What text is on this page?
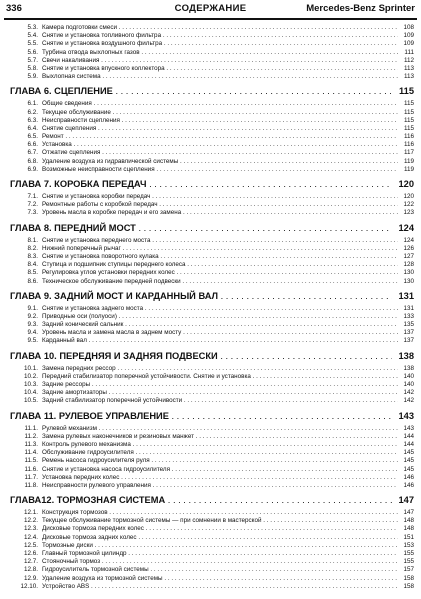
336	СОДЕРЖАНИЕ	Mercedes-Benz Sprinter
5.3. Камера подготовки смеси . . .	108
5.4. Снятие и установка топливного фильтра . . .	109
5.5. Снятие и установка воздушного фильтра . . .	109
5.6. Турбина отвода выхлопных газов . . .	111
5.7. Свечи накаливания . . .	112
5.8. Снятие и установка впускного коллектора . . .	113
5.9. Выхлопная система . . .	113
ГЛАВА 6. СЦЕПЛЕНИЕ . . .	115
6.1. Общие сведения . . .	115
6.2. Текущее обслуживание . . .	115
6.3. Неисправности сцепления . . .	115
6.4. Снятие сцепления . . .	115
6.5. Ремонт . . .	116
6.6. Установка . . .	116
6.7. Отжатие сцепления . . .	117
6.8. Удаление воздуха из гидравлической системы . . .	119
6.9. Возможные неисправности сцепления . . .	119
ГЛАВА 7. КОРОБКА ПЕРЕДАЧ . . .	120
7.1. Снятие и установка коробки передач . . .	120
7.2. Ремонтные работы с коробкой передач . . .	122
7.3. Уровень масла в коробке передач и его замена . . .	123
ГЛАВА 8. ПЕРЕДНИЙ МОСТ . . .	124
8.1. Снятие и установка переднего моста . . .	124
8.2. Нижний поперечный рычаг . . .	126
8.3. Снятие и установка поворотного кулака . . .	127
8.4. Ступица и подшипник ступицы переднего колеса . . .	128
8.5. Регулировка углов установки передних колес . . .	130
8.6. Техническое обслуживание передней подвески . . .	130
ГЛАВА 9. ЗАДНИЙ МОСТ И КАРДАННЫЙ ВАЛ . . .	131
9.1. Снятие и установка заднего моста . . .	131
9.2. Приводные оси (полуоси) . . .	133
9.3. Задний конический сальник . . .	135
9.4. Уровень масла и замена масла в заднем мосту . . .	137
9.5. Карданный вал . . .	137
ГЛАВА 10. ПЕРЕДНЯЯ И ЗАДНЯЯ ПОДВЕСКИ . . .	138
10.1. Замена передних рессор . . .	138
10.2. Передний стабилизатор поперечной устойчивости. Снятие и установка . . .	140
10.3. Задние рессоры . . .	140
10.4. Задние амортизаторы . . .	142
10.5. Задний стабилизатор поперечной устойчивости . . .	142
ГЛАВА 11. РУЛЕВОЕ УПРАВЛЕНИЕ . . .	143
11.1. Рулевой механизм . . .	143
11.2. Замена рулевых наконечников и резиновых манжет . . .	144
11.3. Контроль рулевого механизма . . .	144
11.4. Обслуживание гидроусилителя . . .	145
11.5. Ремень насоса гидроусилителя руля . . .	145
11.6. Снятие и установка насоса гидроусилителя . . .	145
11.7. Установка передних колес . . .	146
11.8. Неисправности рулевого управления . . .	146
ГЛАВА12. ТОРМОЗНАЯ СИСТЕМА . . .	147
12.1. Конструкция тормозов . . .	147
12.2. Текущее обслуживание тормозной системы — при сомнении в мастерской . . .	148
12.3. Дисковые тормоза передних колес . . .	148
12.4. Дисковые тормоза задних колес . . .	151
12.5. Тормозные диски . . .	153
12.6. Главный тормозной цилиндр . . .	155
12.7. Стояночный тормоз . . .	155
12.8. Гидроусилитель тормозной системы . . .	157
12.9. Удаление воздуха из тормозной системы . . .	158
12.10. Устройство ABS . . .	158
